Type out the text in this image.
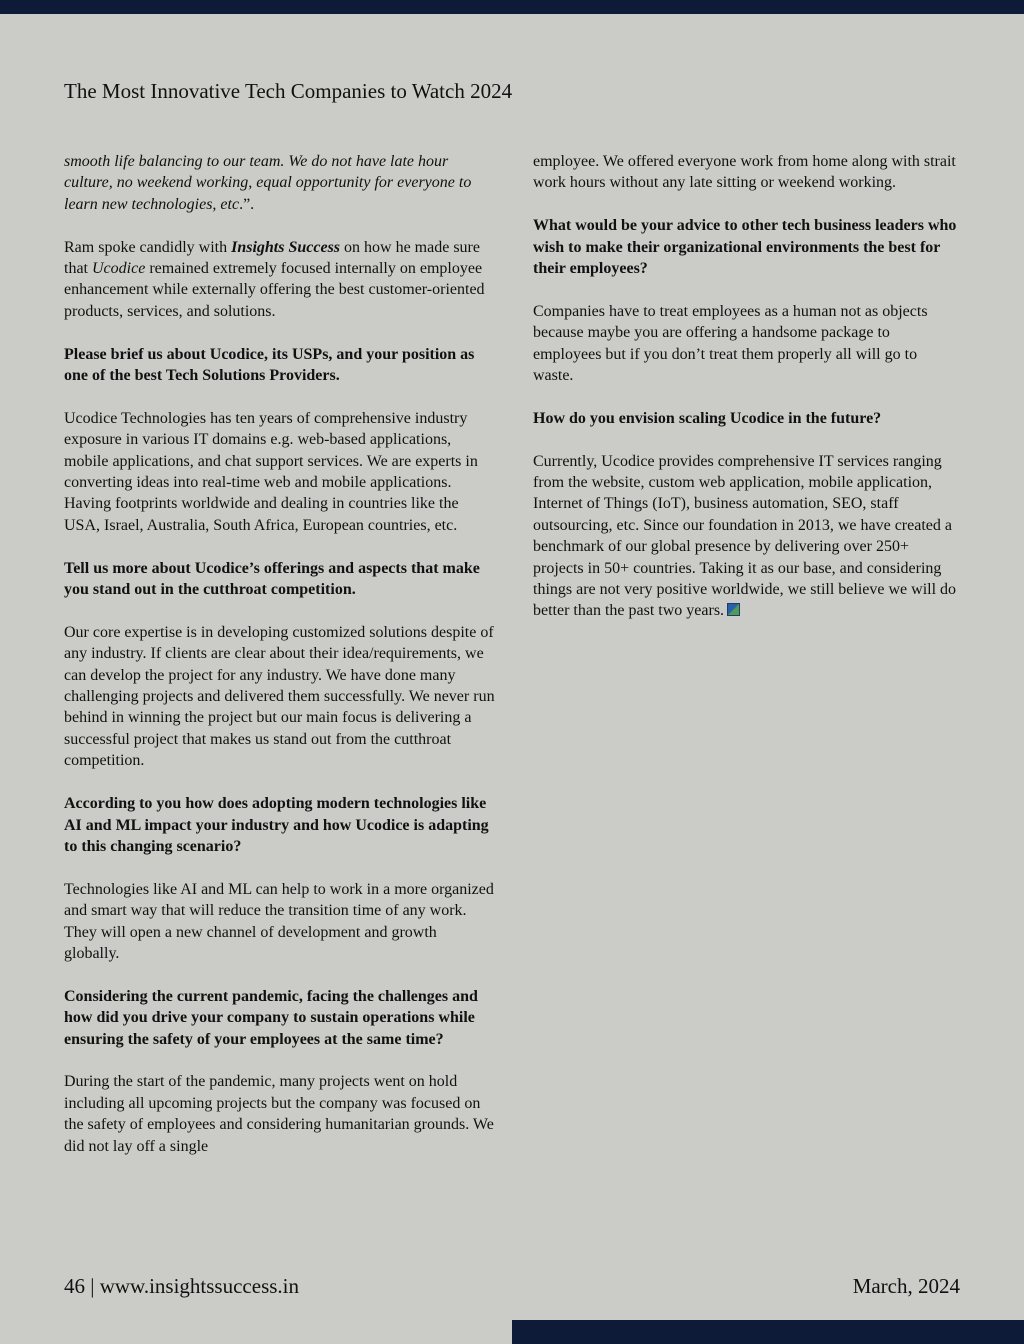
The Most Innovative Tech Companies to Watch 2024

smooth life balancing to our team. We do not have late hour culture, no weekend working, equal opportunity for everyone to learn new technologies, etc.”.

Ram spoke candidly with Insights Success on how he made sure that Ucodice remained extremely focused internally on employee enhancement while externally offering the best customer-oriented products, services, and solutions.

Please brief us about Ucodice, its USPs, and your position as one of the best Tech Solutions Providers.

Ucodice Technologies has ten years of comprehensive industry exposure in various IT domains e.g. web-based applications, mobile applications, and chat support services. We are experts in converting ideas into real-time web and mobile applications. Having footprints worldwide and dealing in countries like the USA, Israel, Australia, South Africa, European countries, etc.

Tell us more about Ucodice’s offerings and aspects that make you stand out in the cutthroat competition.

Our core expertise is in developing customized solutions despite of any industry. If clients are clear about their idea/requirements, we can develop the project for any industry. We have done many challenging projects and delivered them successfully. We never run behind in winning the project but our main focus is delivering a successful project that makes us stand out from the cutthroat competition.

According to you how does adopting modern technologies like AI and ML impact your industry and how Ucodice is adapting to this changing scenario?

Technologies like AI and ML can help to work in a more organized and smart way that will reduce the transition time of any work. They will open a new channel of development and growth globally.

Considering the current pandemic, facing the challenges and how did you drive your company to sustain operations while ensuring the safety of your employees at the same time?

During the start of the pandemic, many projects went on hold including all upcoming projects but the company was focused on the safety of employees and considering humanitarian grounds. We did not lay off a single

employee. We offered everyone work from home along with strait work hours without any late sitting or weekend working.

What would be your advice to other tech business leaders who wish to make their organizational environments the best for their employees?

Companies have to treat employees as a human not as objects because maybe you are offering a handsome package to employees but if you don’t treat them properly all will go to waste.

How do you envision scaling Ucodice in the future?

Currently, Ucodice provides comprehensive IT services ranging from the website, custom web application, mobile application, Internet of Things (IoT), business automation, SEO, staff outsourcing, etc. Since our foundation in 2013, we have created a benchmark of our global presence by delivering over 250+ projects in 50+ countries. Taking it as our base, and considering things are not very positive worldwide, we still believe we will do better than the past two years.

46 | www.insightssuccess.in	March, 2024
